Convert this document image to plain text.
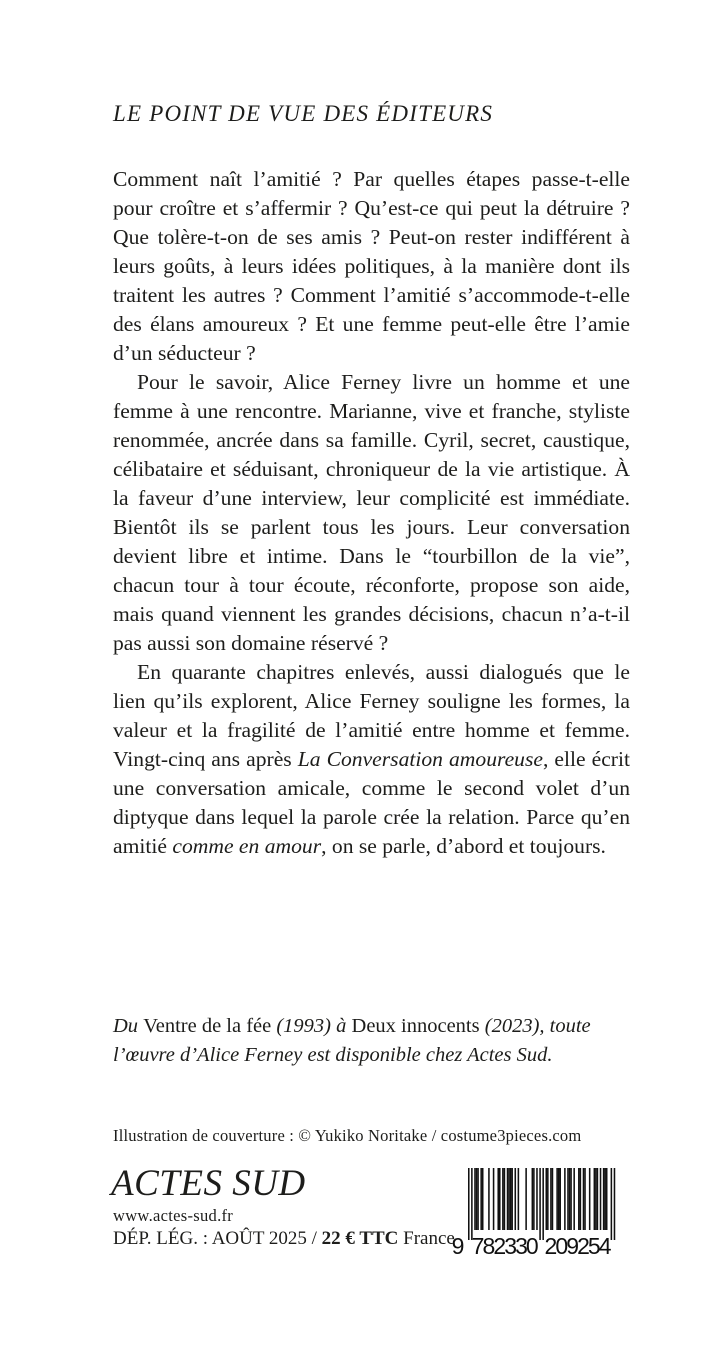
LE POINT DE VUE DES ÉDITEURS

Comment naît l’amitié ? Par quelles étapes passe-t-elle pour croître et s’affermir ? Qu’est-ce qui peut la détruire ? Que tolère-t-on de ses amis ? Peut-on rester indifférent à leurs goûts, à leurs idées politiques, à la manière dont ils traitent les autres ? Comment l’amitié s’accommode-t-elle des élans amoureux ? Et une femme peut-elle être l’amie d’un séducteur ?

Pour le savoir, Alice Ferney livre un homme et une femme à une rencontre. Marianne, vive et franche, styliste renommée, ancrée dans sa famille. Cyril, secret, caustique, célibataire et séduisant, chroniqueur de la vie artistique. À la faveur d’une interview, leur complicité est immédiate. Bientôt ils se parlent tous les jours. Leur conversation devient libre et intime. Dans le “tourbillon de la vie”, chacun tour à tour écoute, réconforte, propose son aide, mais quand viennent les grandes décisions, chacun n’a-t-il pas aussi son domaine réservé ?

En quarante chapitres enlevés, aussi dialogués que le lien qu’ils explorent, Alice Ferney souligne les formes, la valeur et la fragilité de l’amitié entre homme et femme. Vingt-cinq ans après La Conversation amoureuse, elle écrit une conversation amicale, comme le second volet d’un diptyque dans lequel la parole crée la relation. Parce qu’en amitié comme en amour, on se parle, d’abord et toujours.

Du Ventre de la fée (1993) à Deux innocents (2023), toute l’œuvre d’Alice Ferney est disponible chez Actes Sud.
Illustration de couverture : © Yukiko Noritake / costume3pieces.com
ACTES SUD
www.actes-sud.fr
DÉP. LÉG. : AOÛT 2025 / 22 € TTC France
9 7
8
2
3
3
0 2
0
9
2
5
4
